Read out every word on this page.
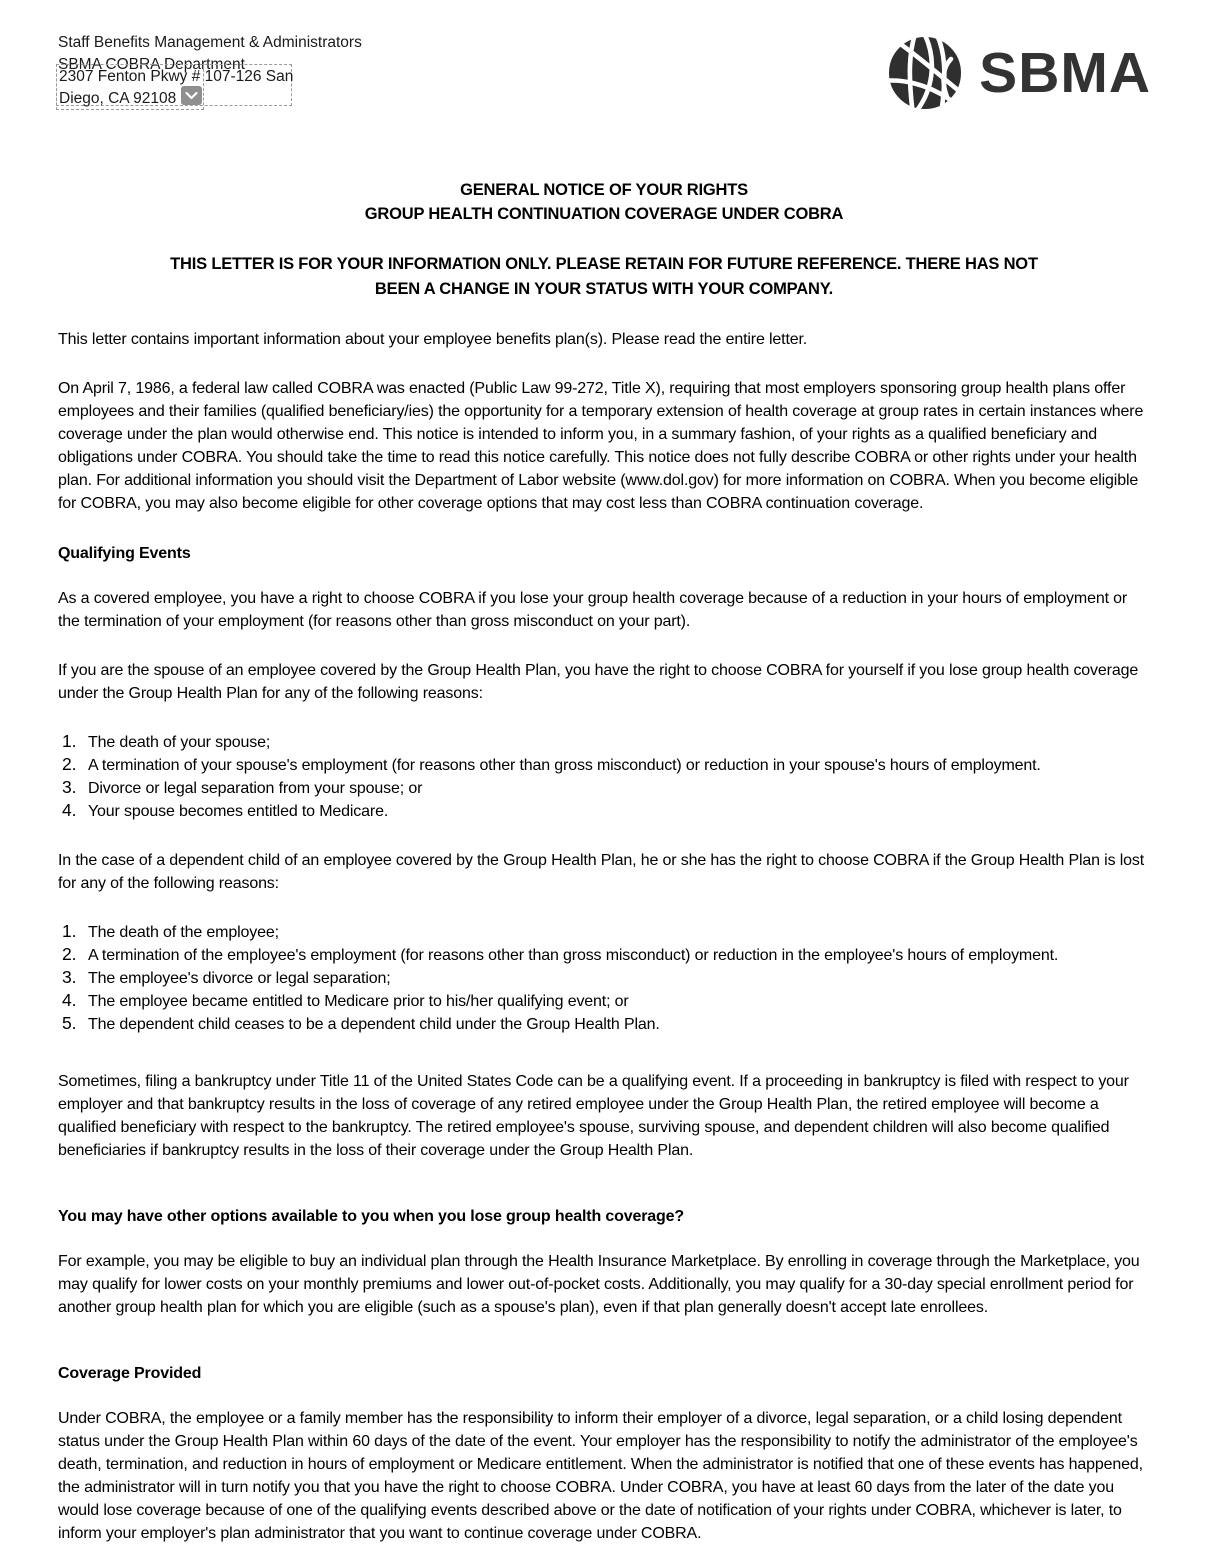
Staff Benefits Management & Administrators
SBMA COBRA Department
2307 Fenton Pkwy # 107-126 San
Diego, CA 92108	SBMA
GENERAL NOTICE OF YOUR RIGHTS
GROUP HEALTH CONTINUATION COVERAGE UNDER COBRA
THIS LETTER IS FOR YOUR INFORMATION ONLY. PLEASE RETAIN FOR FUTURE REFERENCE. THERE HAS NOT
BEEN A CHANGE IN YOUR STATUS WITH YOUR COMPANY.

This letter contains important information about your employee benefits plan(s). Please read the entire letter.

On April 7, 1986, a federal law called COBRA was enacted (Public Law 99-272, Title X), requiring that most employers sponsoring group health plans offer employees and their families (qualified beneficiary/ies) the opportunity for a temporary extension of health coverage at group rates in certain instances where coverage under the plan would otherwise end. This notice is intended to inform you, in a summary fashion, of your rights as a qualified beneficiary and obligations under COBRA. You should take the time to read this notice carefully. This notice does not fully describe COBRA or other rights under your health plan. For additional information you should visit the Department of Labor website (www.dol.gov) for more information on COBRA. When you become eligible for COBRA, you may also become eligible for other coverage options that may cost less than COBRA continuation coverage.

Qualifying Events

As a covered employee, you have a right to choose COBRA if you lose your group health coverage because of a reduction in your hours of employment or the termination of your employment (for reasons other than gross misconduct on your part).

If you are the spouse of an employee covered by the Group Health Plan, you have the right to choose COBRA for yourself if you lose group health coverage under the Group Health Plan for any of the following reasons:

The death of your spouse;
A termination of your spouse's employment (for reasons other than gross misconduct) or reduction in your spouse's hours of employment.
Divorce or legal separation from your spouse; or
Your spouse becomes entitled to Medicare.

In the case of a dependent child of an employee covered by the Group Health Plan, he or she has the right to choose COBRA if the Group Health Plan is lost for any of the following reasons:

The death of the employee;
A termination of the employee's employment (for reasons other than gross misconduct) or reduction in the employee's hours of employment.
The employee's divorce or legal separation;
The employee became entitled to Medicare prior to his/her qualifying event; or
The dependent child ceases to be a dependent child under the Group Health Plan.

Sometimes, filing a bankruptcy under Title 11 of the United States Code can be a qualifying event. If a proceeding in bankruptcy is filed with respect to your employer and that bankruptcy results in the loss of coverage of any retired employee under the Group Health Plan, the retired employee will become a qualified beneficiary with respect to the bankruptcy. The retired employee's spouse, surviving spouse, and dependent children will also become qualified beneficiaries if bankruptcy results in the loss of their coverage under the Group Health Plan.

You may have other options available to you when you lose group health coverage?

For example, you may be eligible to buy an individual plan through the Health Insurance Marketplace. By enrolling in coverage through the Marketplace, you may qualify for lower costs on your monthly premiums and lower out-of-pocket costs. Additionally, you may qualify for a 30-day special enrollment period for another group health plan for which you are eligible (such as a spouse's plan), even if that plan generally doesn't accept late enrollees.

Coverage Provided

Under COBRA, the employee or a family member has the responsibility to inform their employer of a divorce, legal separation, or a child losing dependent status under the Group Health Plan within 60 days of the date of the event. Your employer has the responsibility to notify the administrator of the employee's death, termination, and reduction in hours of employment or Medicare entitlement. When the administrator is notified that one of these events has happened, the administrator will in turn notify you that you have the right to choose COBRA. Under COBRA, you have at least 60 days from the later of the date you would lose coverage because of one of the qualifying events described above or the date of notification of your rights under COBRA, whichever is later, to inform your employer's plan administrator that you want to continue coverage under COBRA.
